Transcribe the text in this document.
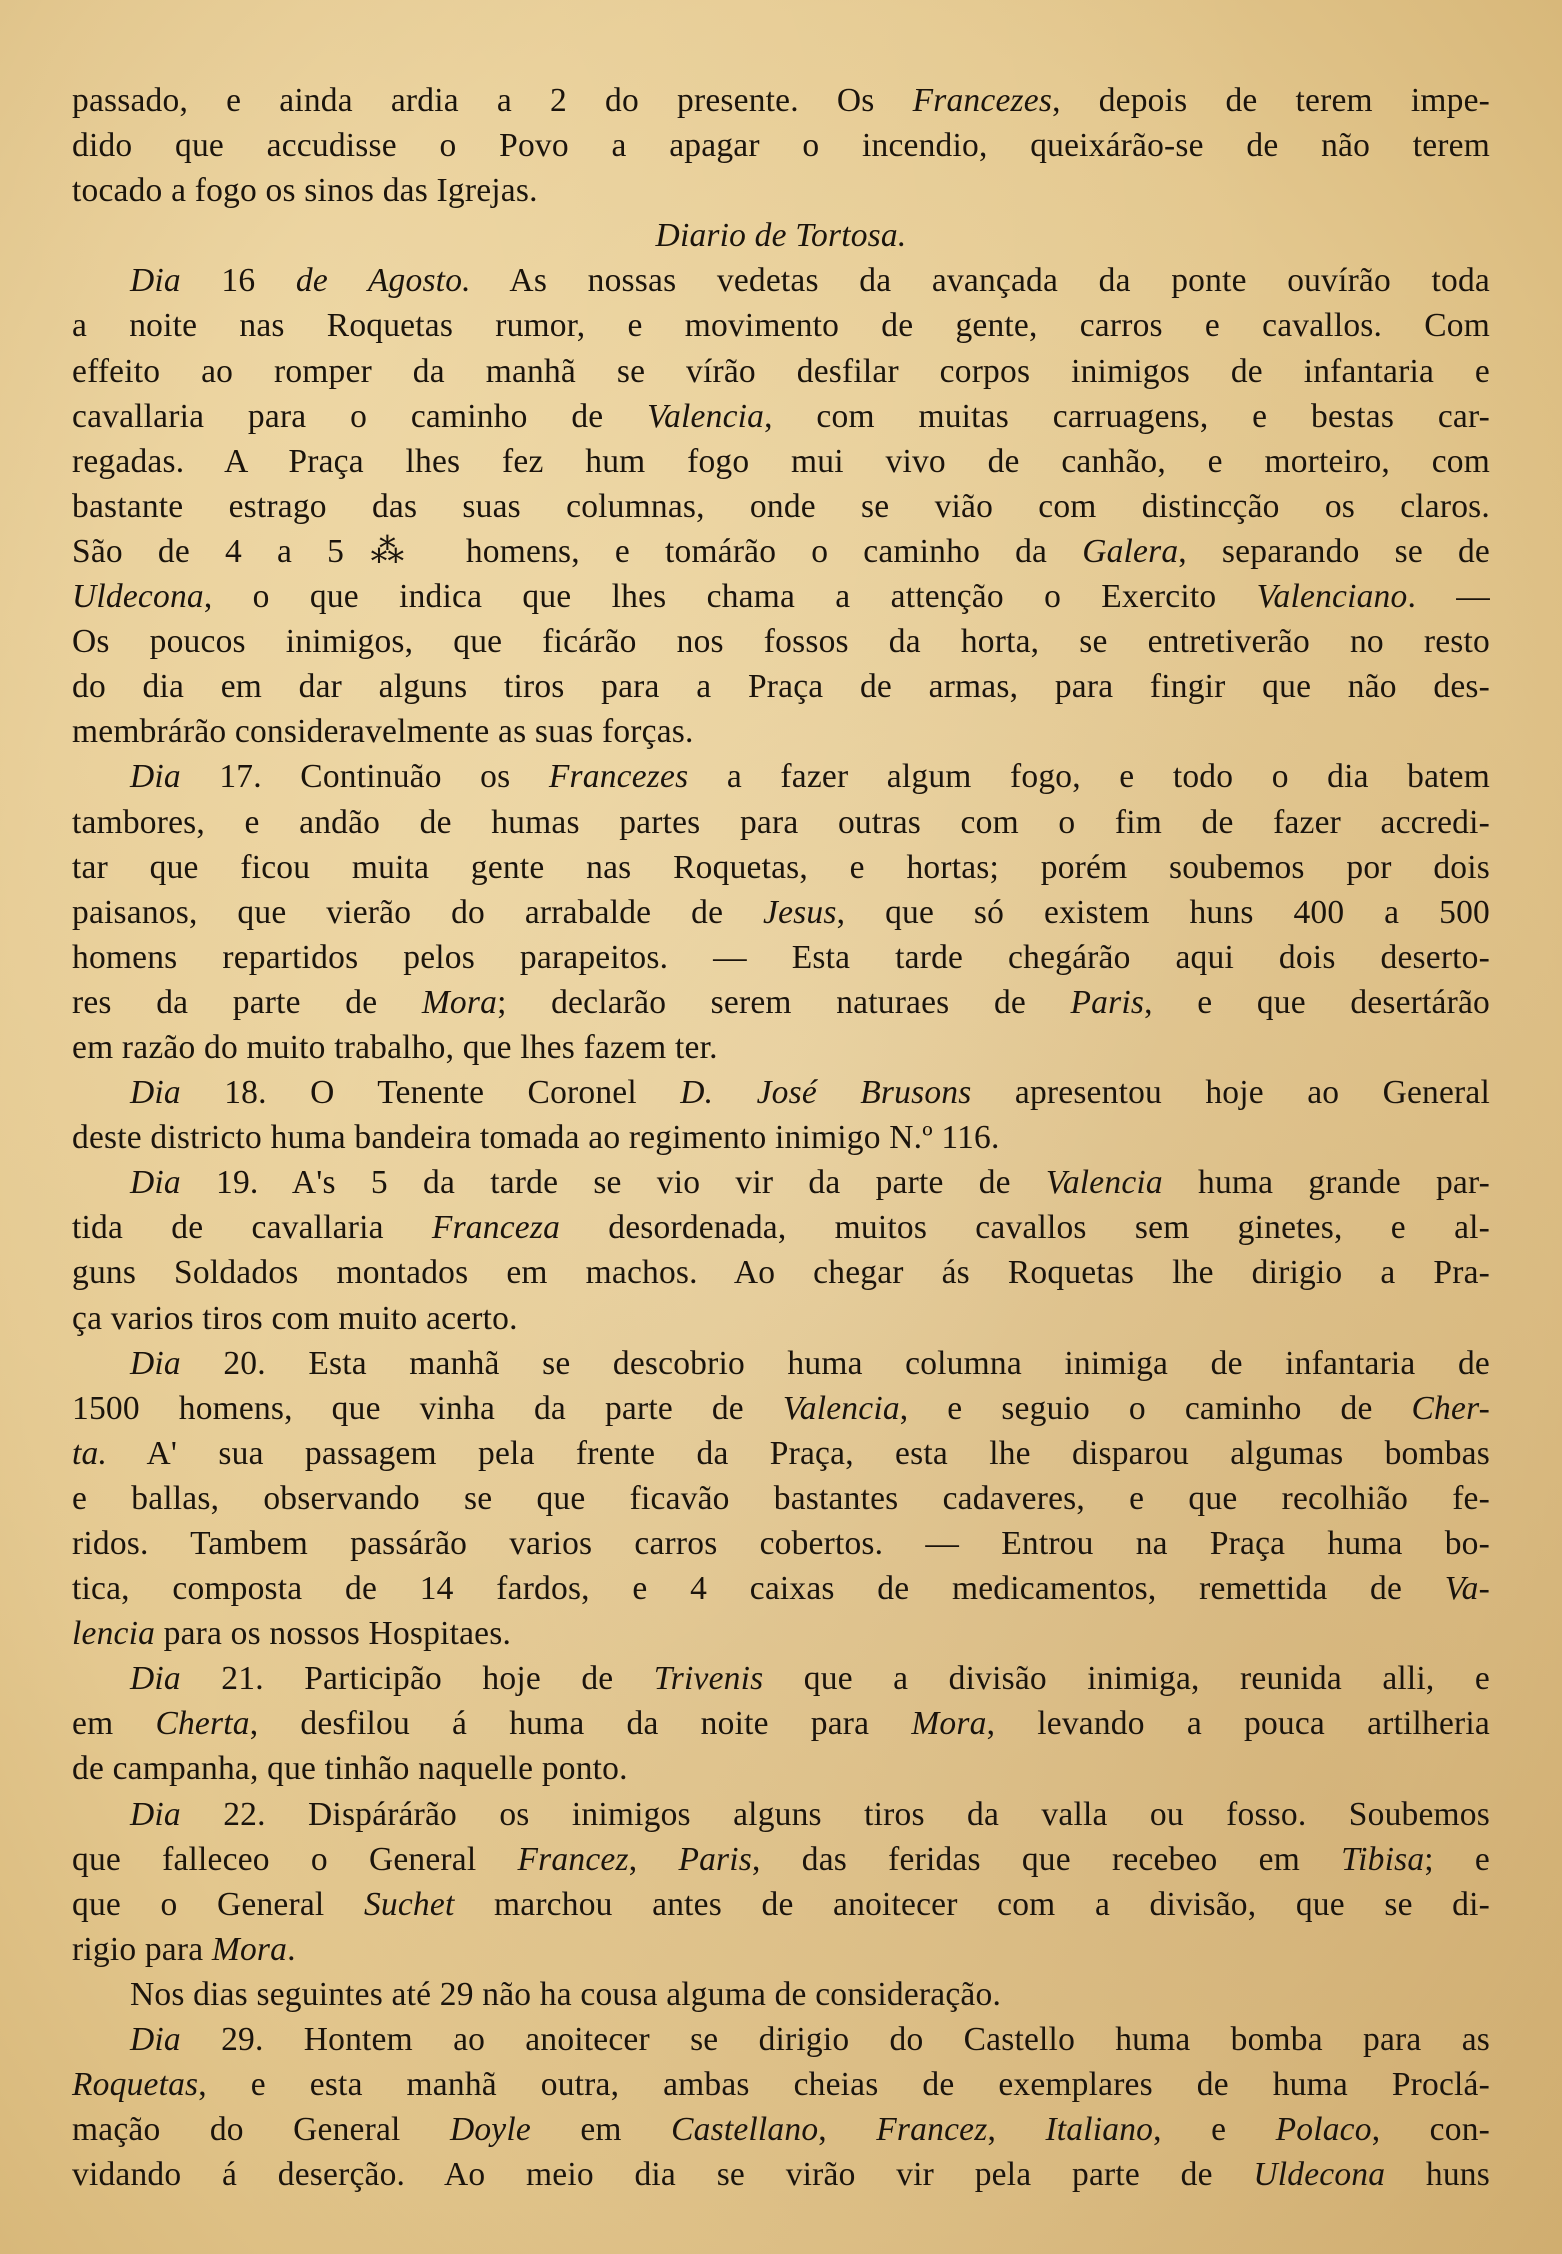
passado, e ainda ardia a 2 do presente. Os Francezes, depois de terem impe-
dido que accudisse o Povo a apagar o incendio, queixárão-se de não terem
tocado a fogo os sinos das Igrejas.
Diario de Tortosa.
Dia 16 de Agosto. As nossas vedetas da avançada da ponte ouvírão toda
a noite nas Roquetas rumor, e movimento de gente, carros e cavallos. Com
effeito ao romper da manhã se vírão desfilar corpos inimigos de infantaria e
cavallaria para o caminho de Valencia, com muitas carruagens, e bestas car-
regadas. A Praça lhes fez hum fogo mui vivo de canhão, e morteiro, com
bastante estrago das suas columnas, onde se vião com distincção os claros.
São de 4 a 5⁂ homens, e tomárão o caminho da Galera, separando se de
Uldecona, o que indica que lhes chama a attenção o Exercito Valenciano. —
Os poucos inimigos, que ficárão nos fossos da horta, se entretiverão no resto
do dia em dar alguns tiros para a Praça de armas, para fingir que não des-
membrárão consideravelmente as suas forças.
Dia 17. Continuão os Francezes a fazer algum fogo, e todo o dia batem
tambores, e andão de humas partes para outras com o fim de fazer accredi-
tar que ficou muita gente nas Roquetas, e hortas; porém soubemos por dois
paisanos, que vierão do arrabalde de Jesus, que só existem huns 400 a 500
homens repartidos pelos parapeitos. — Esta tarde chegárão aqui dois deserto-
res da parte de Mora; declarão serem naturaes de Paris, e que desertárão
em razão do muito trabalho, que lhes fazem ter.
Dia 18. O Tenente Coronel D. José Brusons apresentou hoje ao General
deste districto huma bandeira tomada ao regimento inimigo N.º 116.
Dia 19. A's 5 da tarde se vio vir da parte de Valencia huma grande par-
tida de cavallaria Franceza desordenada, muitos cavallos sem ginetes, e al-
guns Soldados montados em machos. Ao chegar ás Roquetas lhe dirigio a Pra-
ça varios tiros com muito acerto.
Dia 20. Esta manhã se descobrio huma columna inimiga de infantaria de
1500 homens, que vinha da parte de Valencia, e seguio o caminho de Cher-
ta. A' sua passagem pela frente da Praça, esta lhe disparou algumas bombas
e ballas, observando se que ficavão bastantes cadaveres, e que recolhião fe-
ridos. Tambem passárão varios carros cobertos. — Entrou na Praça huma bo-
tica, composta de 14 fardos, e 4 caixas de medicamentos, remettida de Va-
lencia para os nossos Hospitaes.
Dia 21. Participão hoje de Trivenis que a divisão inimiga, reunida alli, e
em Cherta, desfilou á huma da noite para Mora, levando a pouca artilheria
de campanha, que tinhão naquelle ponto.
Dia 22. Dispárárão os inimigos alguns tiros da valla ou fosso. Soubemos
que falleceo o General Francez, Paris, das feridas que recebeo em Tibisa; e
que o General Suchet marchou antes de anoitecer com a divisão, que se di-
rigio para Mora.
Nos dias seguintes até 29 não ha cousa alguma de consideração.
Dia 29. Hontem ao anoitecer se dirigio do Castello huma bomba para as
Roquetas, e esta manhã outra, ambas cheias de exemplares de huma Proclá-
mação do General Doyle em Castellano, Francez, Italiano, e Polaco, con-
vidando á deserção. Ao meio dia se virão vir pela parte de Uldecona huns
